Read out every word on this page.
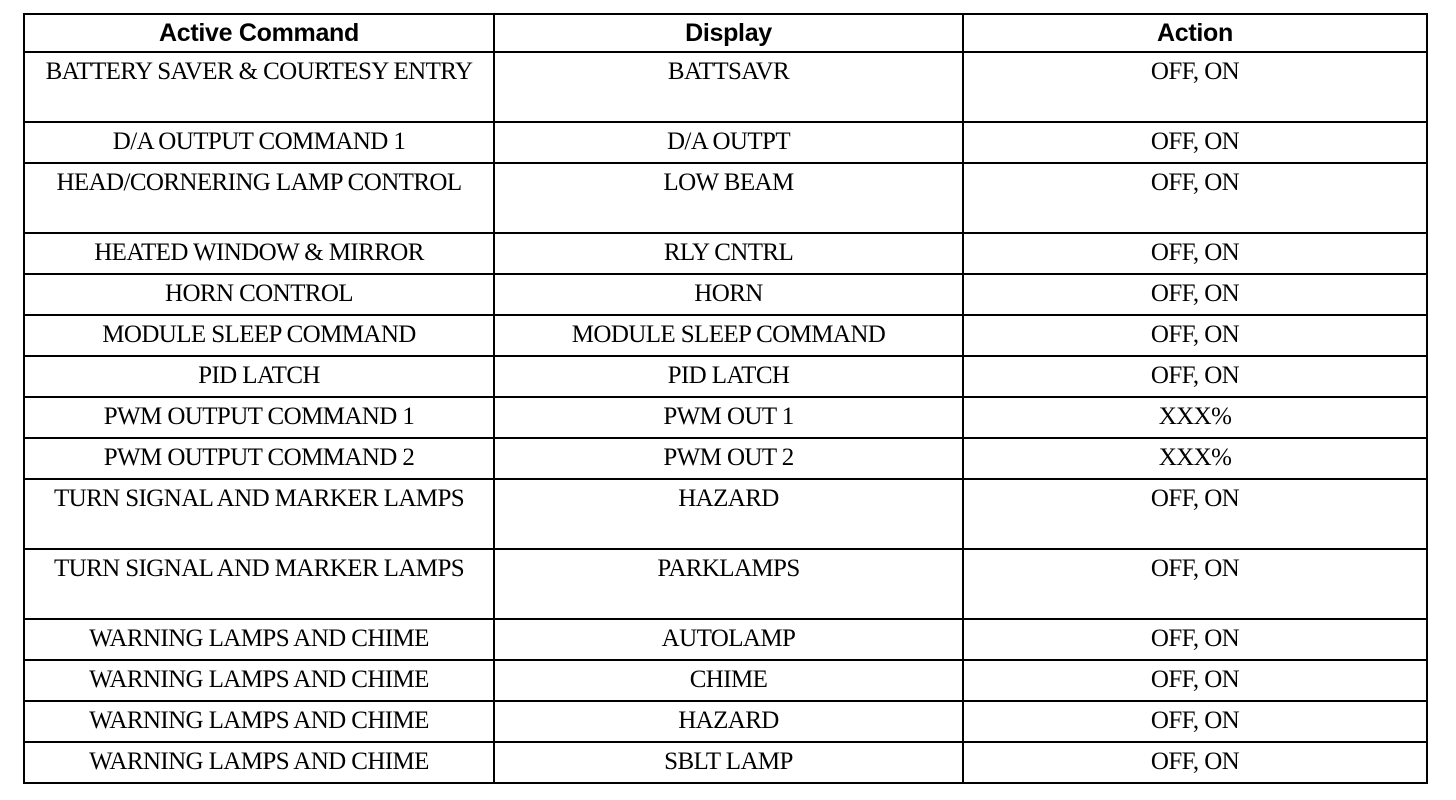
Active Command	Display	Action

BATTERY SAVER & COURTESY ENTRY	BATTSAVR	OFF, ON

D/A OUTPUT COMMAND 1	D/A OUTPT	OFF, ON

HEAD/CORNERING LAMP CONTROL	LOW BEAM	OFF, ON

HEATED WINDOW & MIRROR	RLY CNTRL	OFF, ON

HORN CONTROL	HORN	OFF, ON

MODULE SLEEP COMMAND	MODULE SLEEP COMMAND	OFF, ON

PID LATCH	PID LATCH	OFF, ON

PWM OUTPUT COMMAND 1	PWM OUT 1	XXX%

PWM OUTPUT COMMAND 2	PWM OUT 2	XXX%

TURN SIGNAL AND MARKER LAMPS	HAZARD	OFF, ON

TURN SIGNAL AND MARKER LAMPS	PARKLAMPS	OFF, ON

WARNING LAMPS AND CHIME	AUTOLAMP	OFF, ON

WARNING LAMPS AND CHIME	CHIME	OFF, ON

WARNING LAMPS AND CHIME	HAZARD	OFF, ON

WARNING LAMPS AND CHIME	SBLT LAMP	OFF, ON
